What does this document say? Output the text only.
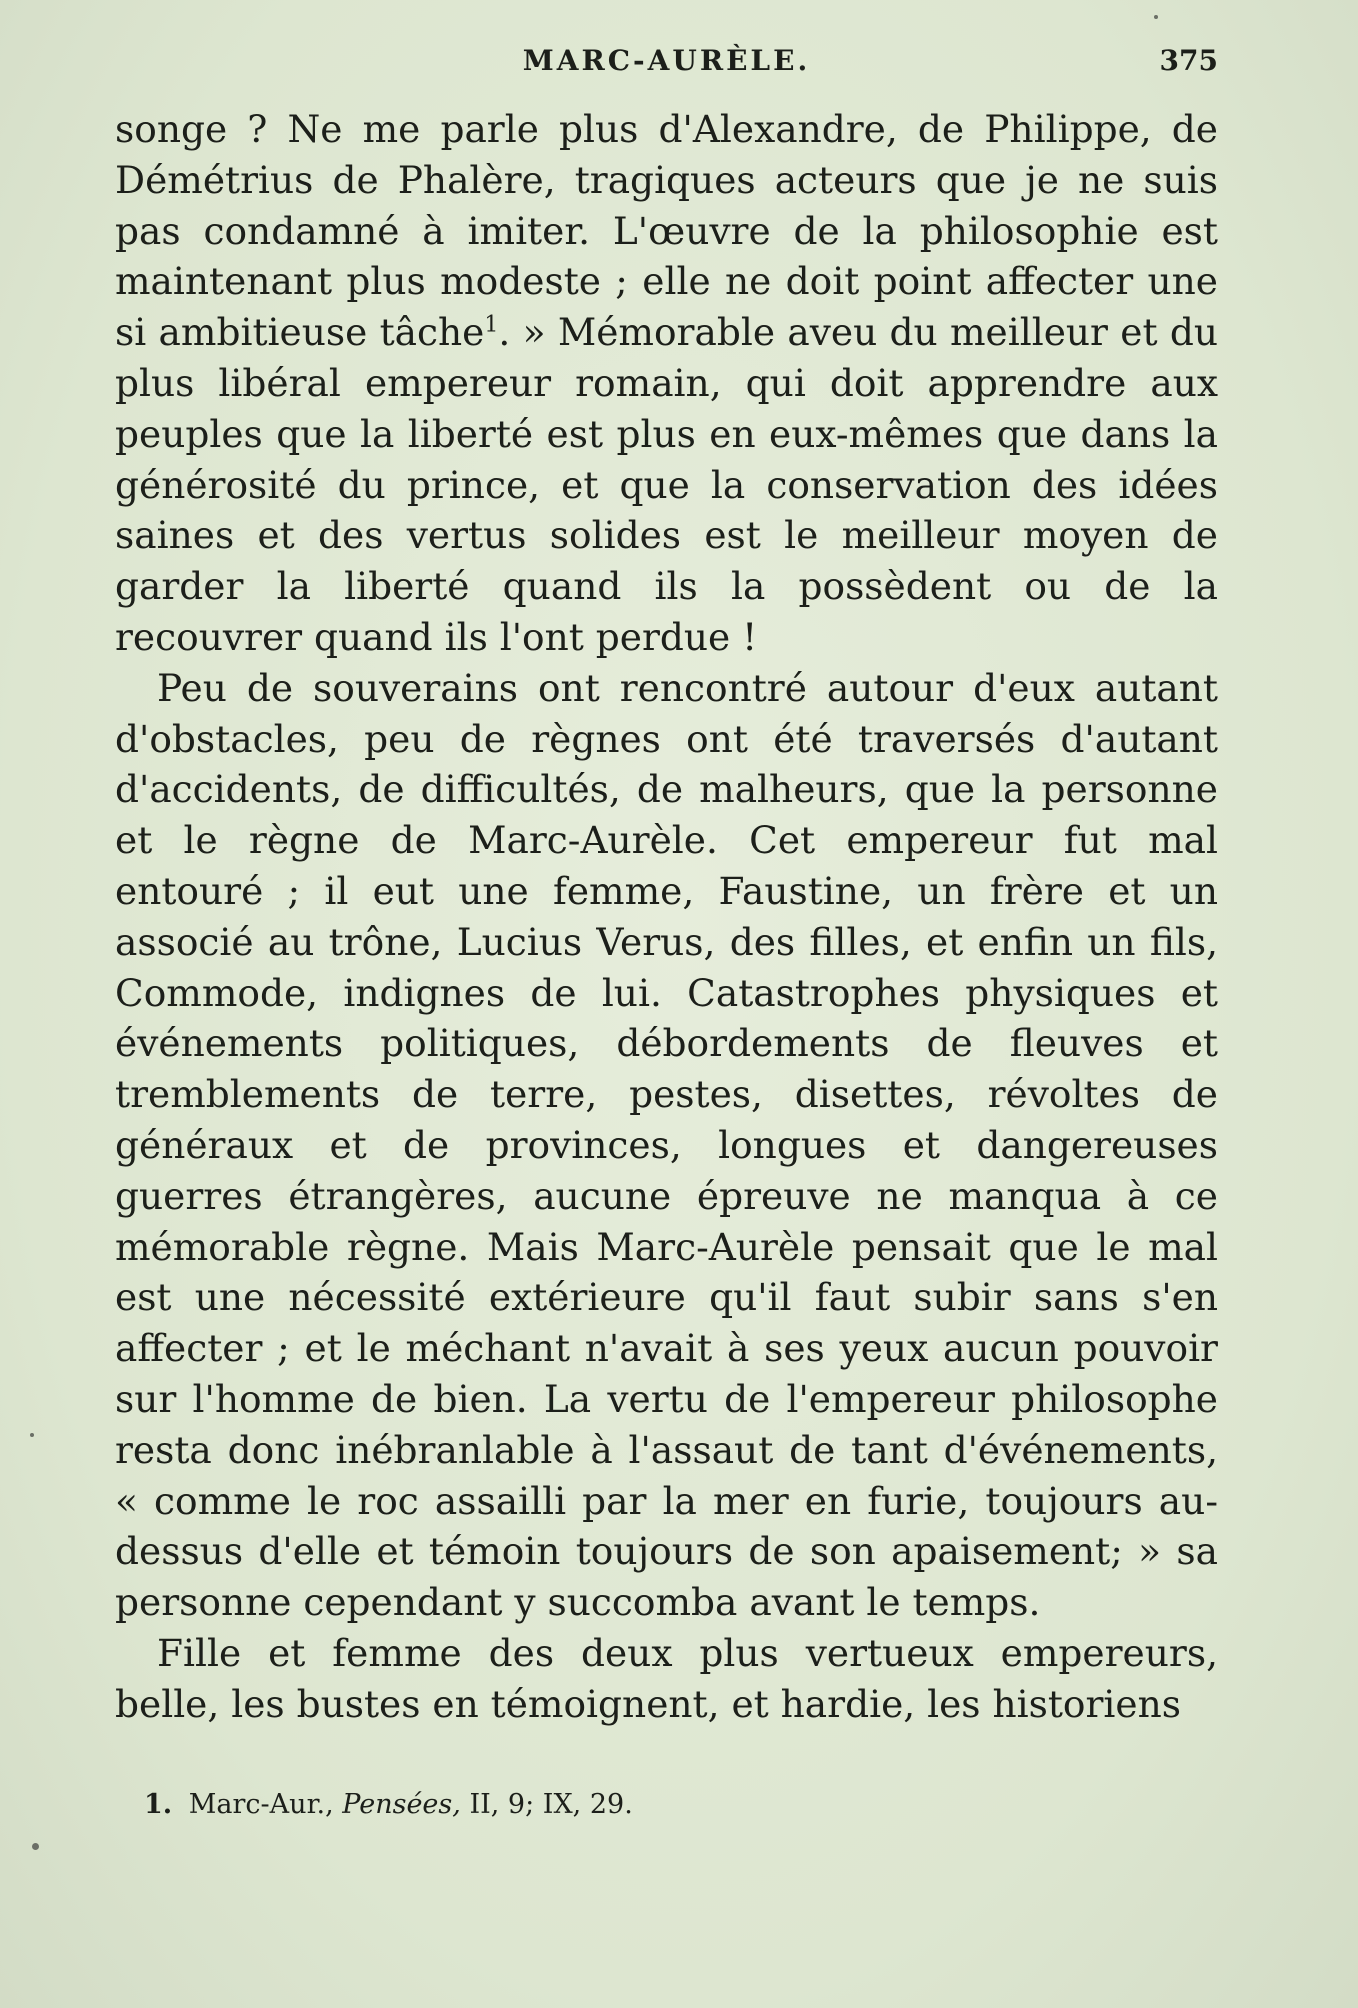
MARC-AURÈLE.	375

songe ? Ne me parle plus d'Alexandre, de Philippe, de Démétrius de Phalère, tragiques acteurs que je ne suis pas condamné à imiter. L'œuvre de la philosophie est maintenant plus modeste ; elle ne doit point affecter une si ambitieuse tâche$^1$. » Mémorable aveu du meilleur et du plus libéral empereur romain, qui doit apprendre aux peuples que la liberté est plus en eux-mêmes que dans la générosité du prince, et que la conservation des idées saines et des vertus solides est le meilleur moyen de garder la liberté quand ils la possèdent ou de la recouvrer quand ils l'ont perdue !

Peu de souverains ont rencontré autour d'eux autant d'obstacles, peu de règnes ont été traversés d'autant d'accidents, de difficultés, de malheurs, que la personne et le règne de Marc-Aurèle. Cet empereur fut mal entouré ; il eut une femme, Faustine, un frère et un associé au trône, Lucius Verus, des filles, et enfin un fils, Commode, indignes de lui. Catastrophes physiques et événements politiques, débordements de fleuves et tremblements de terre, pestes, disettes, révoltes de généraux et de provinces, longues et dangereuses guerres étrangères, aucune épreuve ne manqua à ce mémorable règne. Mais Marc-Aurèle pensait que le mal est une nécessité extérieure qu'il faut subir sans s'en affecter ; et le méchant n'avait à ses yeux aucun pouvoir sur l'homme de bien. La vertu de l'empereur philosophe resta donc inébranlable à l'assaut de tant d'événements, « comme le roc assailli par la mer en furie, toujours au-dessus d'elle et témoin toujours de son apaisement; » sa personne cependant y succomba avant le temps.

Fille et femme des deux plus vertueux empereurs, belle, les bustes en témoignent, et hardie, les historiens

1. Marc-Aur., Pensées, II, 9; IX, 29.
